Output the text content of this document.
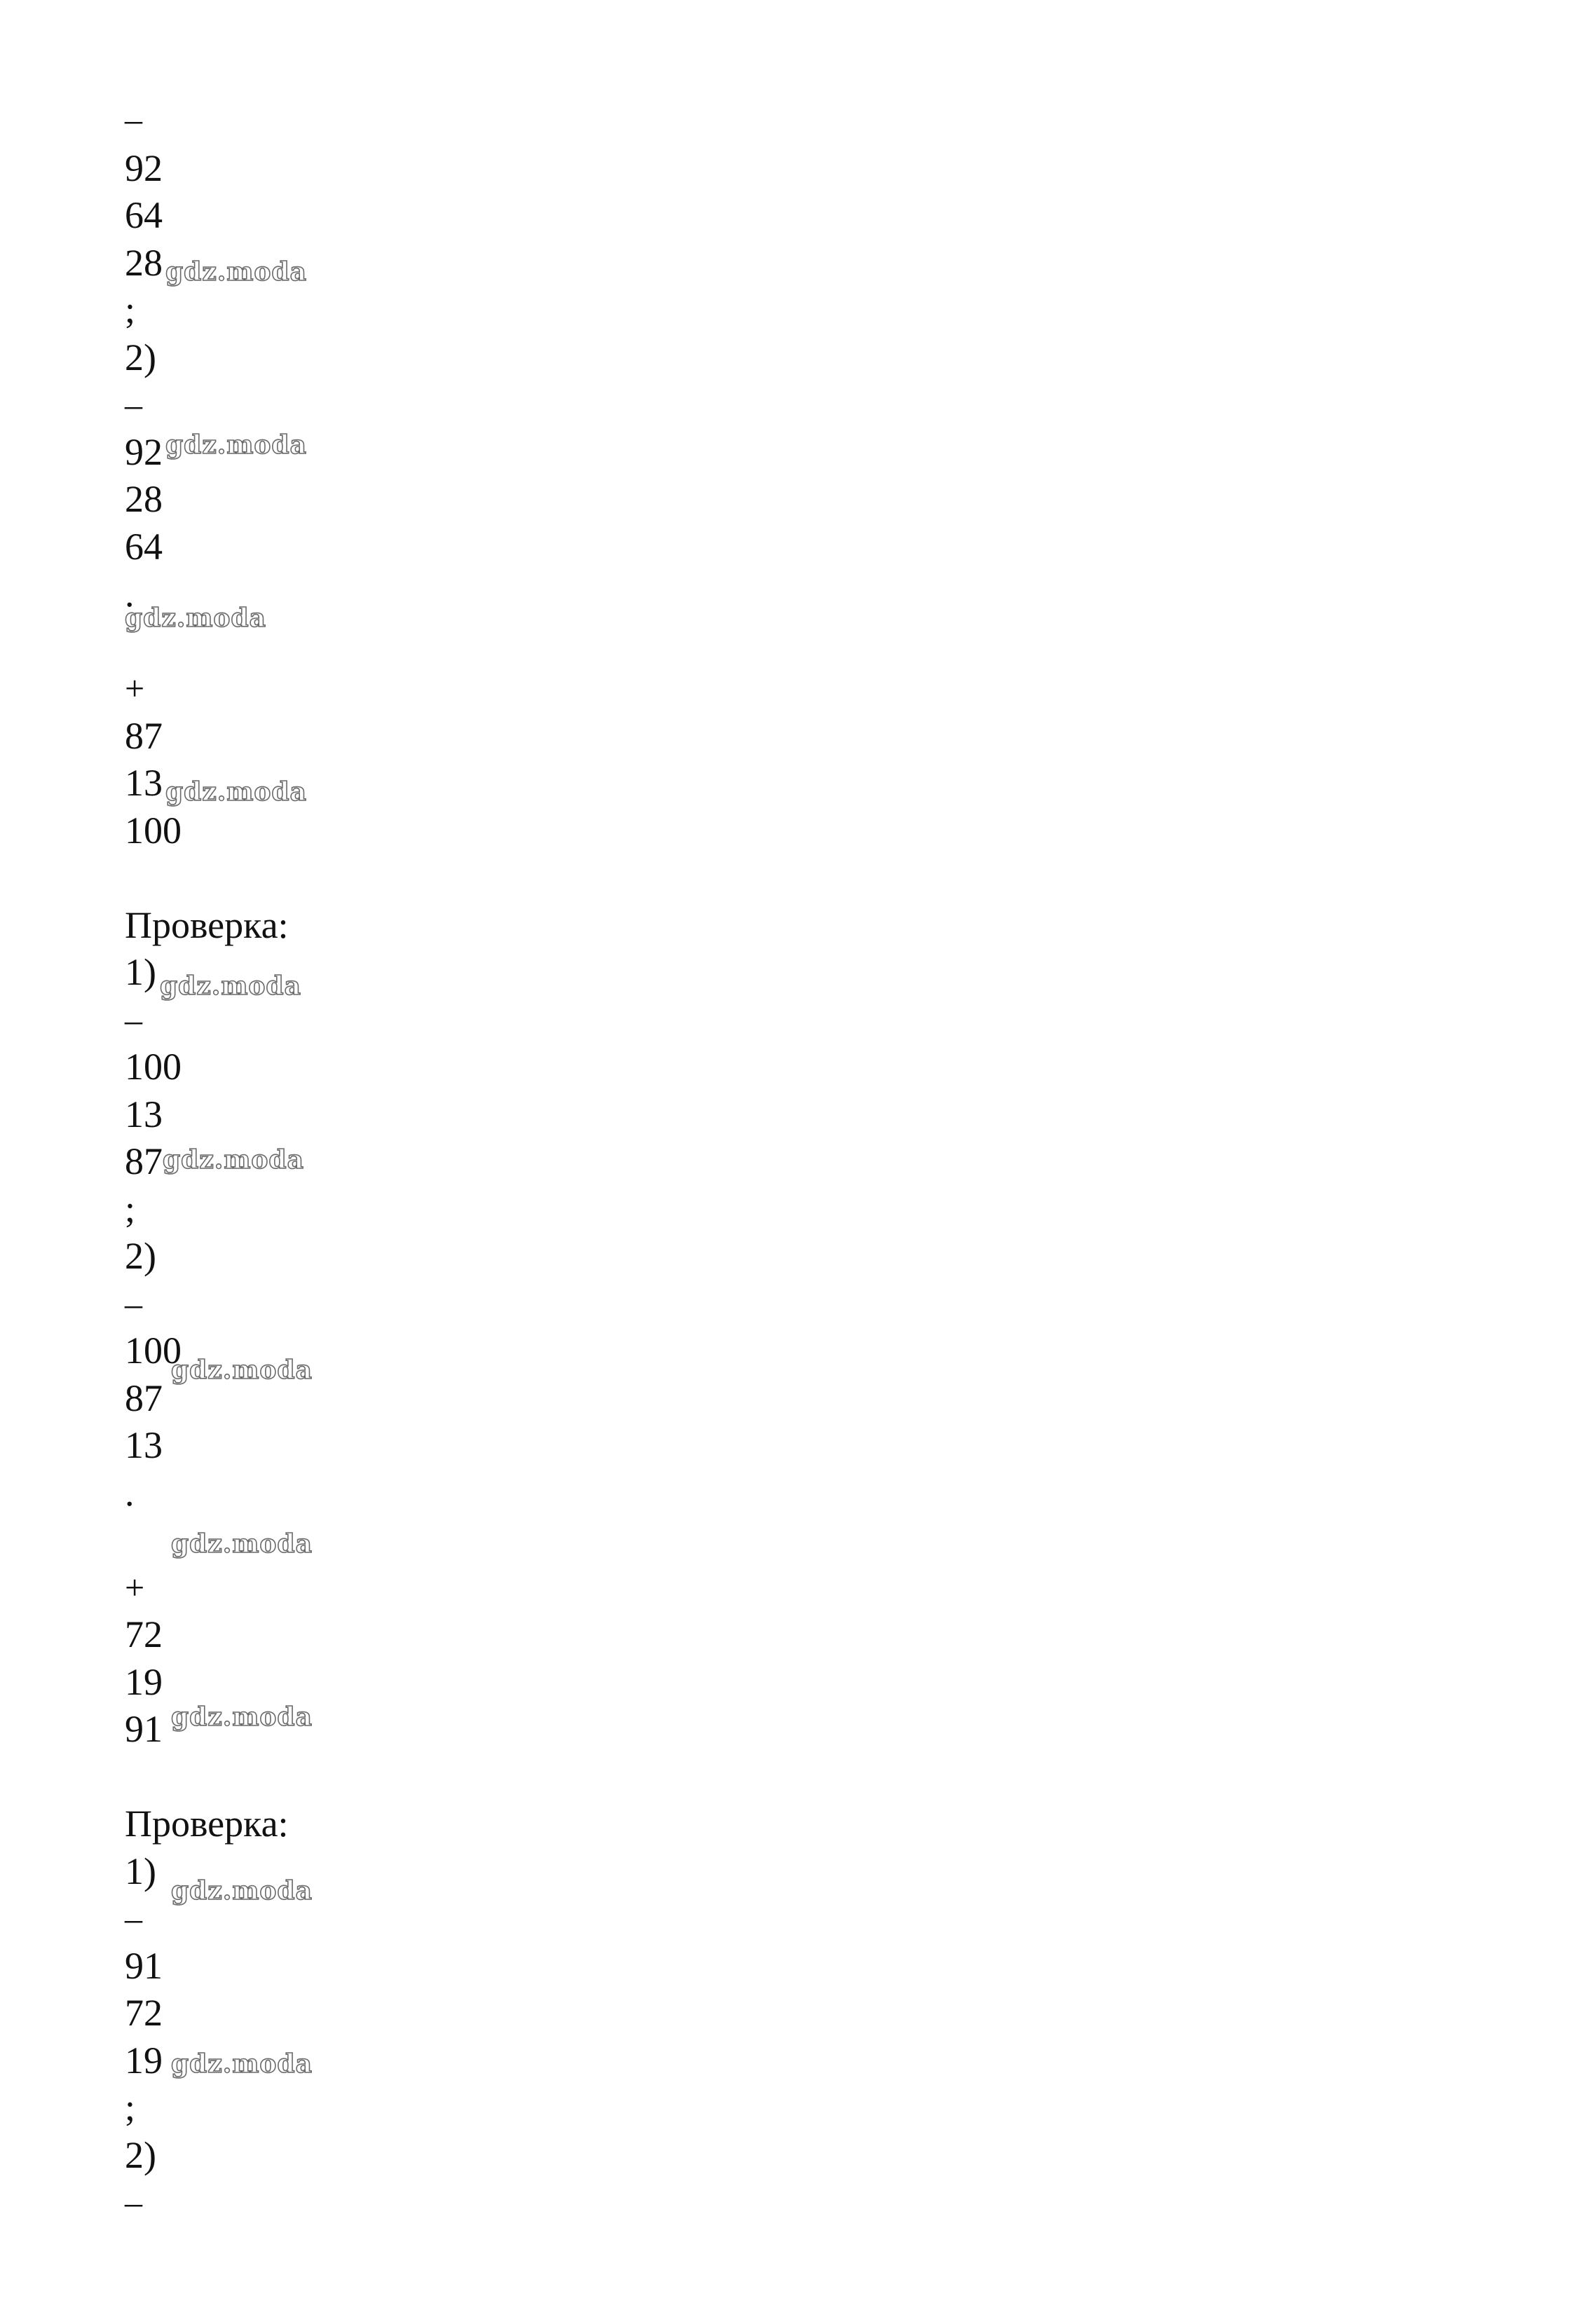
–
92
64
28
;
2)
–
92
28
64
.
+
87
13
100
Проверка:
1)
–
100
13
87
;
2)
–
100
87
13
.
+
72
19
91
Проверка:
1)
–
91
72
19
;
2)
–
gdz.moda
gdz.moda
gdz.moda
gdz.moda
gdz.moda
gdz.moda
gdz.moda
gdz.moda
gdz.moda
gdz.moda
gdz.moda
